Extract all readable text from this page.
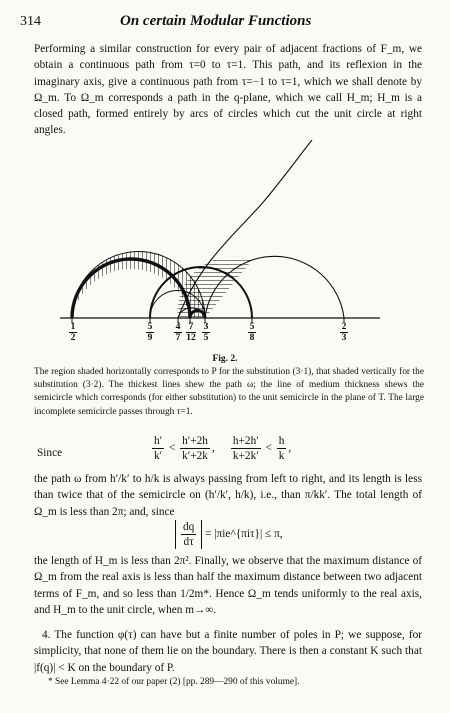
314	On certain Modular Functions

Performing a similar construction for every pair of adjacent fractions of F_m, we obtain a continuous path from τ=0 to τ=1. This path, and its reflexion in the imaginary axis, give a continuous path from τ=−1 to τ=1, which we shall denote by Ω_m. To Ω_m corresponds a path in the q-plane, which we call H_m; H_m is a closed path, formed entirely by arcs of circles which cut the unit circle at right angles.

1
2
5
9
4
7
7
12
3
5
5
8
2
3
Fig. 2.

The region shaded horizontally corresponds to P for the substitution (3·1), that shaded vertically for the substitution (3·2). The thickest lines shew the path ω; the line of medium thickness shews the semicircle which corresponds (for either substitution) to the unit semicircle in the plane of T. The large incomplete semicircle passes through τ=1.

Since	$\frac{h'}{k'} < \frac{h'+2h}{k'+2k}$ , $\frac{h+2h'}{k+2k'} < \frac{h}{k}$ ,

the path ω from h′/k′ to h/k is always passing from left to right, and its length is less than twice that of the semicircle on (h′/k′, h/k), i.e., than π/kk′. The total length of Ω_m is less than 2π; and, since

$\frac{dq}{d\tau}$ = |πie^{πiτ}| ≤ π,

the length of H_m is less than 2π². Finally, we observe that the maximum distance of Ω_m from the real axis is less than half the maximum distance between two adjacent terms of F_m, and so less than 1/2m*. Hence Ω_m tends uniformly to the real axis, and H_m to the unit circle, when m→∞.

4. The function φ(τ) can have but a finite number of poles in P; we suppose, for simplicity, that none of them lie on the boundary. There is then a constant K such that |f(q)| < K on the boundary of P.

* See Lemma 4·22 of our paper (2) [pp. 289—290 of this volume].
